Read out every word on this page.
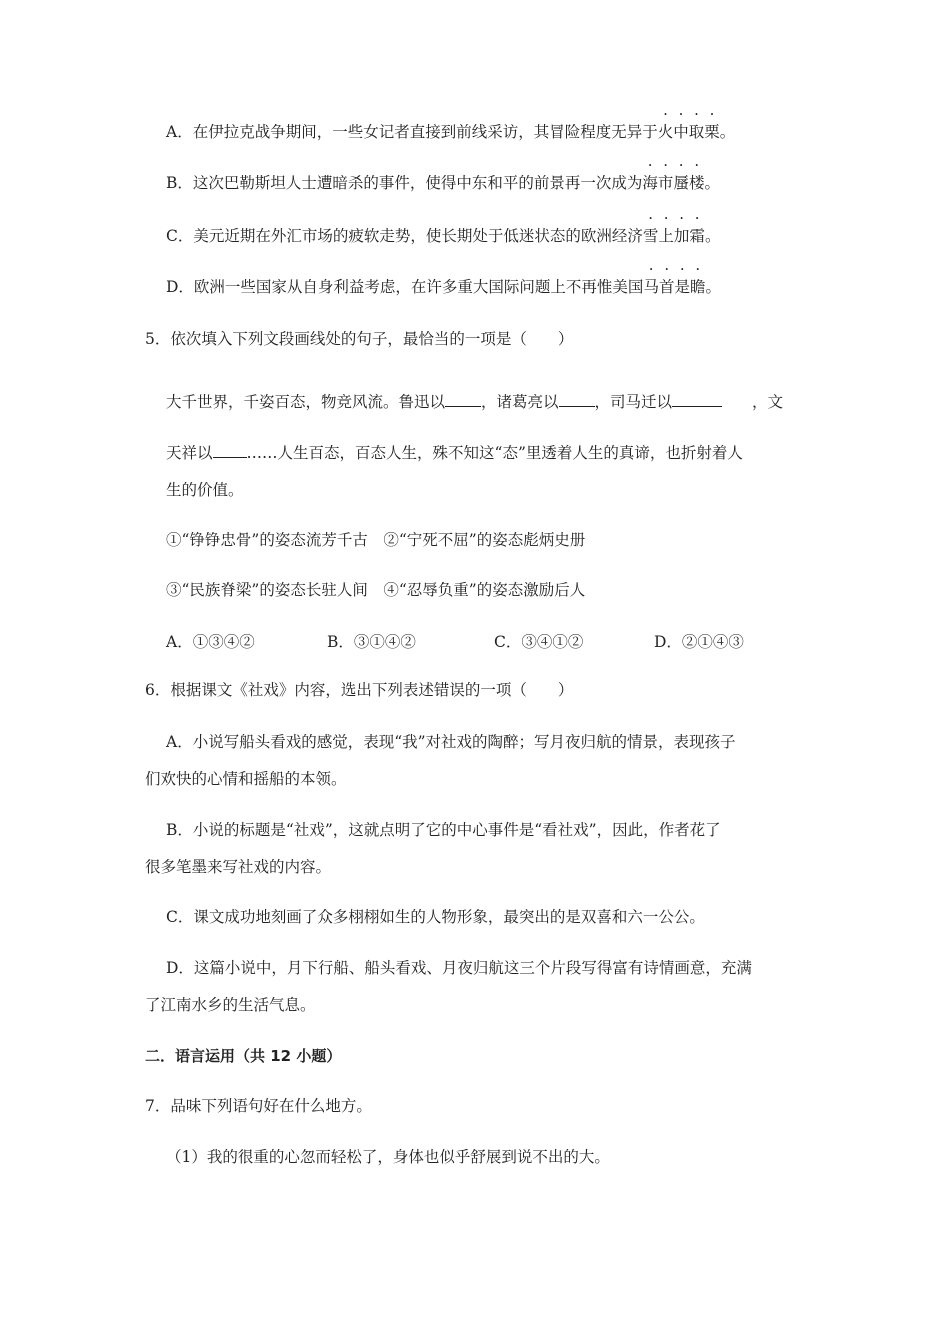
A．在伊拉克战争期间，一些女记者直接到前线采访，其冒险程度无异于火中取栗。
B．这次巴勒斯坦人士遭暗杀的事件，使得中东和平的前景再一次成为海市蜃楼。
C．美元近期在外汇市场的疲软走势，使长期处于低迷状态的欧洲经济雪上加霜。
D．欧洲一些国家从自身利益考虑，在许多重大国际问题上不再惟美国马首是瞻。
5．依次填入下列文段画线处的句子，最恰当的一项是（　　）
大千世界，千姿百态，物竞风流。鲁迅以 ，诸葛亮以 ，司马迁以	，文
天祥以 ……人生百态，百态人生，殊不知这“态”里透着人生的真谛，也折射着人
生的价值。
①“铮铮忠骨”的姿态流芳千古　②“宁死不屈”的姿态彪炳史册
③“民族脊梁”的姿态长驻人间　④“忍辱负重”的姿态激励后人
A．①③④②	B．③①④②	C．③④①②	D．②①④③
6．根据课文《社戏》内容，选出下列表述错误的一项（　　）
A．小说写船头看戏的感觉，表现“我”对社戏的陶醉；写月夜归航的情景，表现孩子
们欢快的心情和摇船的本领。
B．小说的标题是“社戏”，这就点明了它的中心事件是“看社戏”，因此，作者花了
很多笔墨来写社戏的内容。
C．课文成功地刻画了众多栩栩如生的人物形象，最突出的是双喜和六一公公。
D．这篇小说中，月下行船、船头看戏、月夜归航这三个片段写得富有诗情画意，充满
了江南水乡的生活气息。
二．语言运用（共 12 小题）
7．品味下列语句好在什么地方。
（1）我的很重的心忽而轻松了，身体也似乎舒展到说不出的大。
